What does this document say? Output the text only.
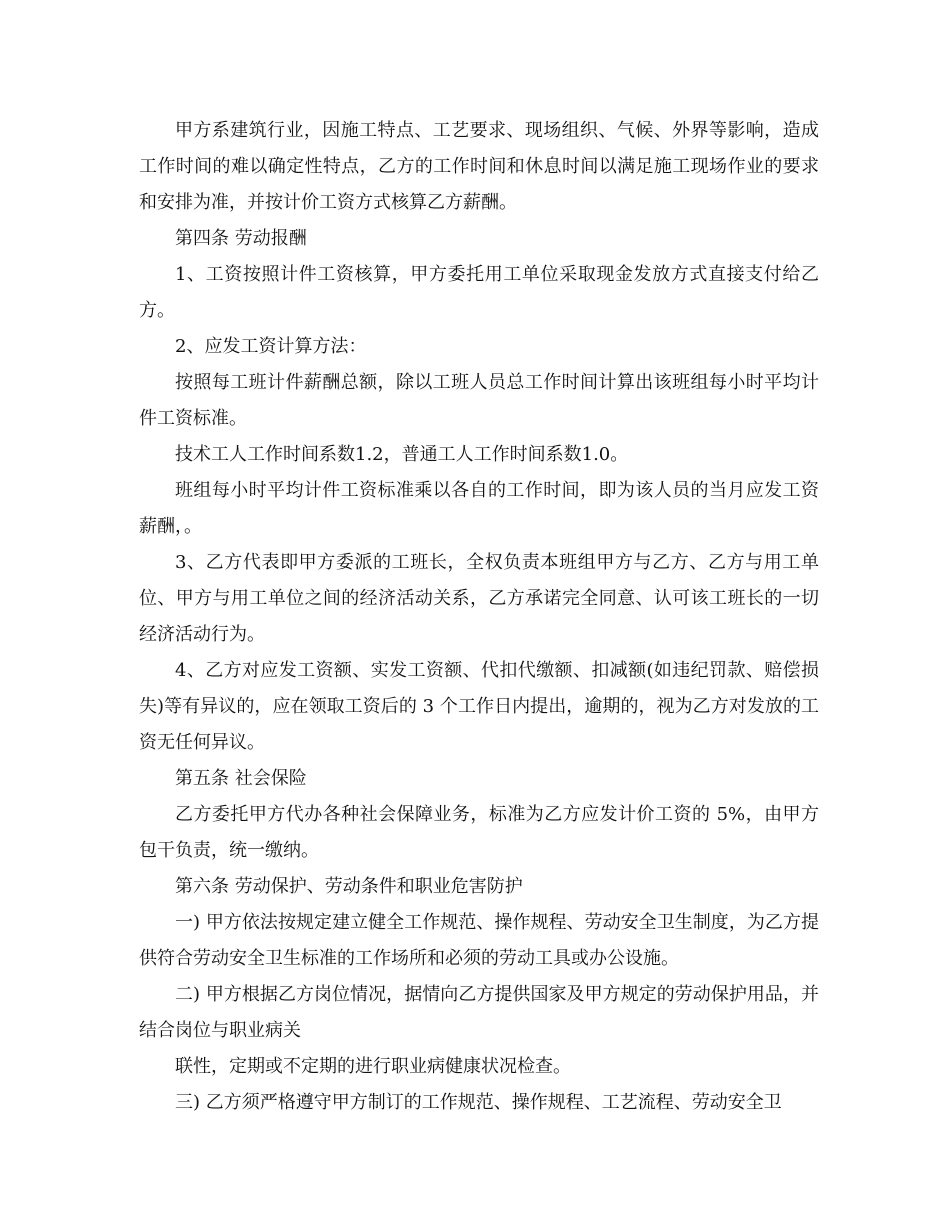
甲方系建筑行业，因施工特点、工艺要求、现场组织、气候、外界等影响，造成工作时间的难以确定性特点，乙方的工作时间和休息时间以满足施工现场作业的要求和安排为准，并按计价工资方式核算乙方薪酬。

第四条 劳动报酬

1、工资按照计件工资核算，甲方委托用工单位采取现金发放方式直接支付给乙方。

2、应发工资计算方法：

按照每工班计件薪酬总额，除以工班人员总工作时间计算出该班组每小时平均计件工资标准。

技术工人工作时间系数1.2，普通工人工作时间系数1.0。

班组每小时平均计件工资标准乘以各自的工作时间，即为该人员的当月应发工资薪酬，。

3、乙方代表即甲方委派的工班长，全权负责本班组甲方与乙方、乙方与用工单位、甲方与用工单位之间的经济活动关系，乙方承诺完全同意、认可该工班长的一切经济活动行为。

4、乙方对应发工资额、实发工资额、代扣代缴额、扣减额(如违纪罚款、赔偿损失)等有异议的，应在领取工资后的 3 个工作日内提出，逾期的，视为乙方对发放的工资无任何异议。

第五条 社会保险

乙方委托甲方代办各种社会保障业务，标准为乙方应发计价工资的 5%，由甲方包干负责，统一缴纳。

第六条 劳动保护、劳动条件和职业危害防护

一) 甲方依法按规定建立健全工作规范、操作规程、劳动安全卫生制度，为乙方提供符合劳动安全卫生标准的工作场所和必须的劳动工具或办公设施。

二) 甲方根据乙方岗位情况，据情向乙方提供国家及甲方规定的劳动保护用品，并结合岗位与职业病关

联性，定期或不定期的进行职业病健康状况检查。

三) 乙方须严格遵守甲方制订的工作规范、操作规程、工艺流程、劳动安全卫
